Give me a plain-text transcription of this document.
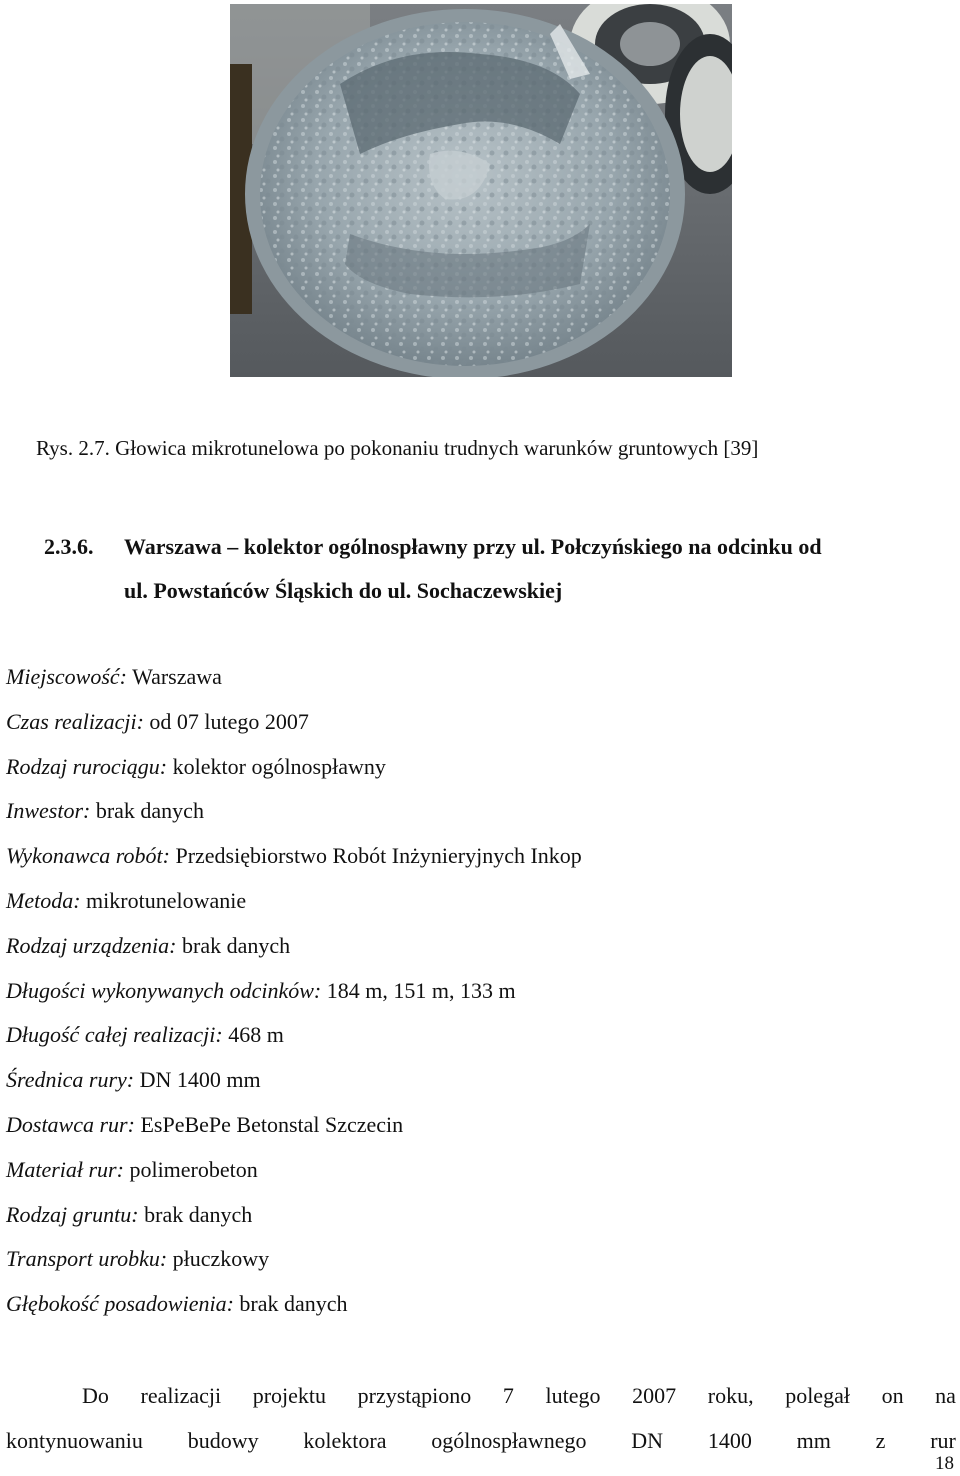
Rys. 2.7. Głowica mikrotunelowa po pokonaniu trudnych warunków gruntowych [39]
2.3.6. Warszawa – kolektor ogólnospławny przy ul. Połczyńskiego na odcinku od
ul. Powstańców Śląskich do ul. Sochaczewskiej
Miejscowość: Warszawa
Czas realizacji: od 07 lutego 2007
Rodzaj rurociągu: kolektor ogólnospławny
Inwestor: brak danych
Wykonawca robót: Przedsiębiorstwo Robót Inżynieryjnych Inkop
Metoda: mikrotunelowanie
Rodzaj urządzenia: brak danych
Długości wykonywanych odcinków: 184 m, 151 m, 133 m
Długość całej realizacji: 468 m
Średnica rury: DN 1400 mm
Dostawca rur: EsPeBePe Betonstal Szczecin
Materiał rur: polimerobeton
Rodzaj gruntu: brak danych
Transport urobku: płuczkowy
Głębokość posadowienia: brak danych
Do realizacji projektu przystąpiono 7 lutego 2007 roku, polegał on na
kontynuowaniu budowy kolektora ogólnospławnego DN 1400 mm z rur
18
